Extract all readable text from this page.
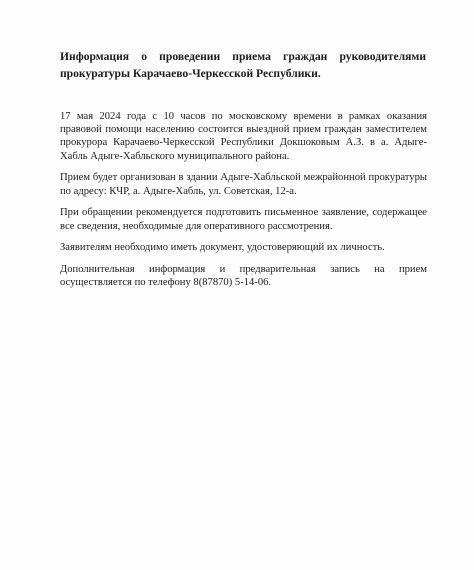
Информация о проведении приема граждан руководителями прокуратуры Карачаево-Черкесской Республики.

17 мая 2024 года с 10 часов по московскому времени в рамках оказания правовой помощи населению состоится выездной прием граждан заместителем прокурора Карачаево-Черкесской Республики Докшоковым А.З. в а. Адыге-Хабль Адыге-Хабльского муниципального района.

Прием будет организован в здании Адыге-Хабльской межрайонной прокуратуры по адресу: КЧР, а. Адыге-Хабль, ул. Советская, 12-а.

При обращении рекомендуется подготовить письменное заявление, содержащее все сведения, необходимые для оперативного рассмотрения.

Заявителям необходимо иметь документ, удостоверяющий их личность.

Дополнительная информация и предварительная запись на прием осуществляется по телефону 8(87870) 5-14-06.
